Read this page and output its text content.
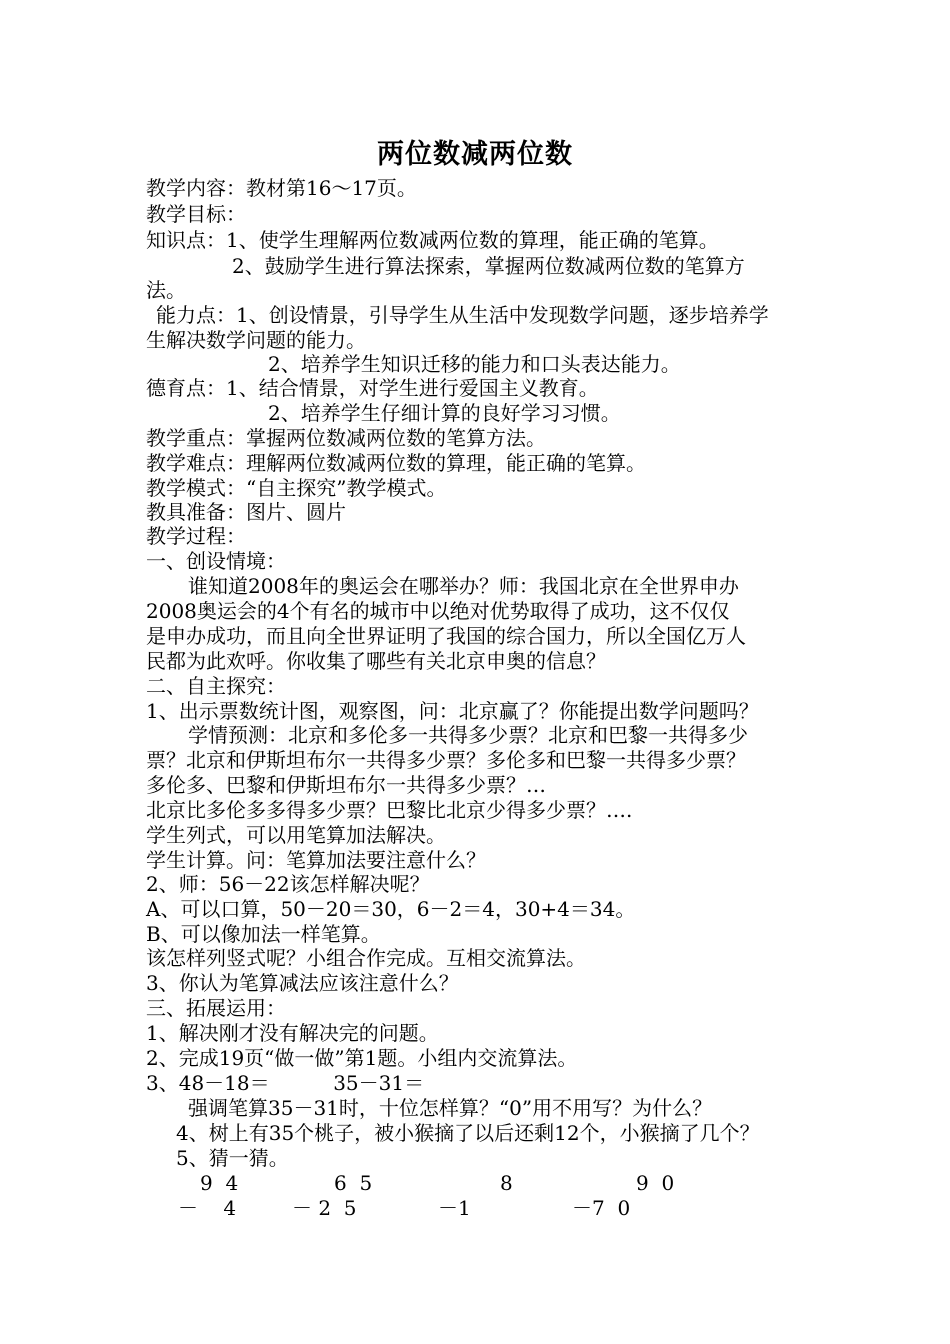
两位数减两位数
教学内容：教材第16～17页。
教学目标：
知识点：1、使学生理解两位数减两位数的算理，能正确的笔算。
2、鼓励学生进行算法探索，掌握两位数减两位数的笔算方
法。
能力点：1、创设情景，引导学生从生活中发现数学问题，逐步培养学
生解决数学问题的能力。
2、培养学生知识迁移的能力和口头表达能力。
德育点：1、结合情景，对学生进行爱国主义教育。
2、培养学生仔细计算的良好学习习惯。
教学重点：掌握两位数减两位数的笔算方法。
教学难点：理解两位数减两位数的算理，能正确的笔算。
教学模式：“自主探究”教学模式。
教具准备：图片、圆片
教学过程：
一、创设情境：
谁知道2008年的奥运会在哪举办？师：我国北京在全世界申办
2008奥运会的4个有名的城市中以绝对优势取得了成功，这不仅仅
是申办成功，而且向全世界证明了我国的综合国力，所以全国亿万人
民都为此欢呼。你收集了哪些有关北京申奥的信息？
二、自主探究：
1、出示票数统计图，观察图，问：北京赢了？你能提出数学问题吗？
学情预测：北京和多伦多一共得多少票？北京和巴黎一共得多少
票？北京和伊斯坦布尔一共得多少票？多伦多和巴黎一共得多少票？
多伦多、巴黎和伊斯坦布尔一共得多少票？…
北京比多伦多多得多少票？巴黎比北京少得多少票？….
学生列式，可以用笔算加法解决。
学生计算。问：笔算加法要注意什么？
2、师：56－22该怎样解决呢？
A、可以口算，50－20＝30，6－2＝4，30+4＝34。
B、可以像加法一样笔算。
该怎样列竖式呢？小组合作完成。互相交流算法。
3、你认为笔算减法应该注意什么？
三、拓展运用：
1、解决刚才没有解决完的问题。
2、完成19页“做一做”第1题。小组内交流算法。
3、48－18＝          35－31＝
强调笔算35－31时，十位怎样算？“0”用不用写？为什么？
4、树上有35个桃子，被小猴摘了以后还剩12个，小猴摘了几个？
5、猜一猜。
9  4
－    4
6  5
－ 2  5
8
－1
9  0
－7  0
